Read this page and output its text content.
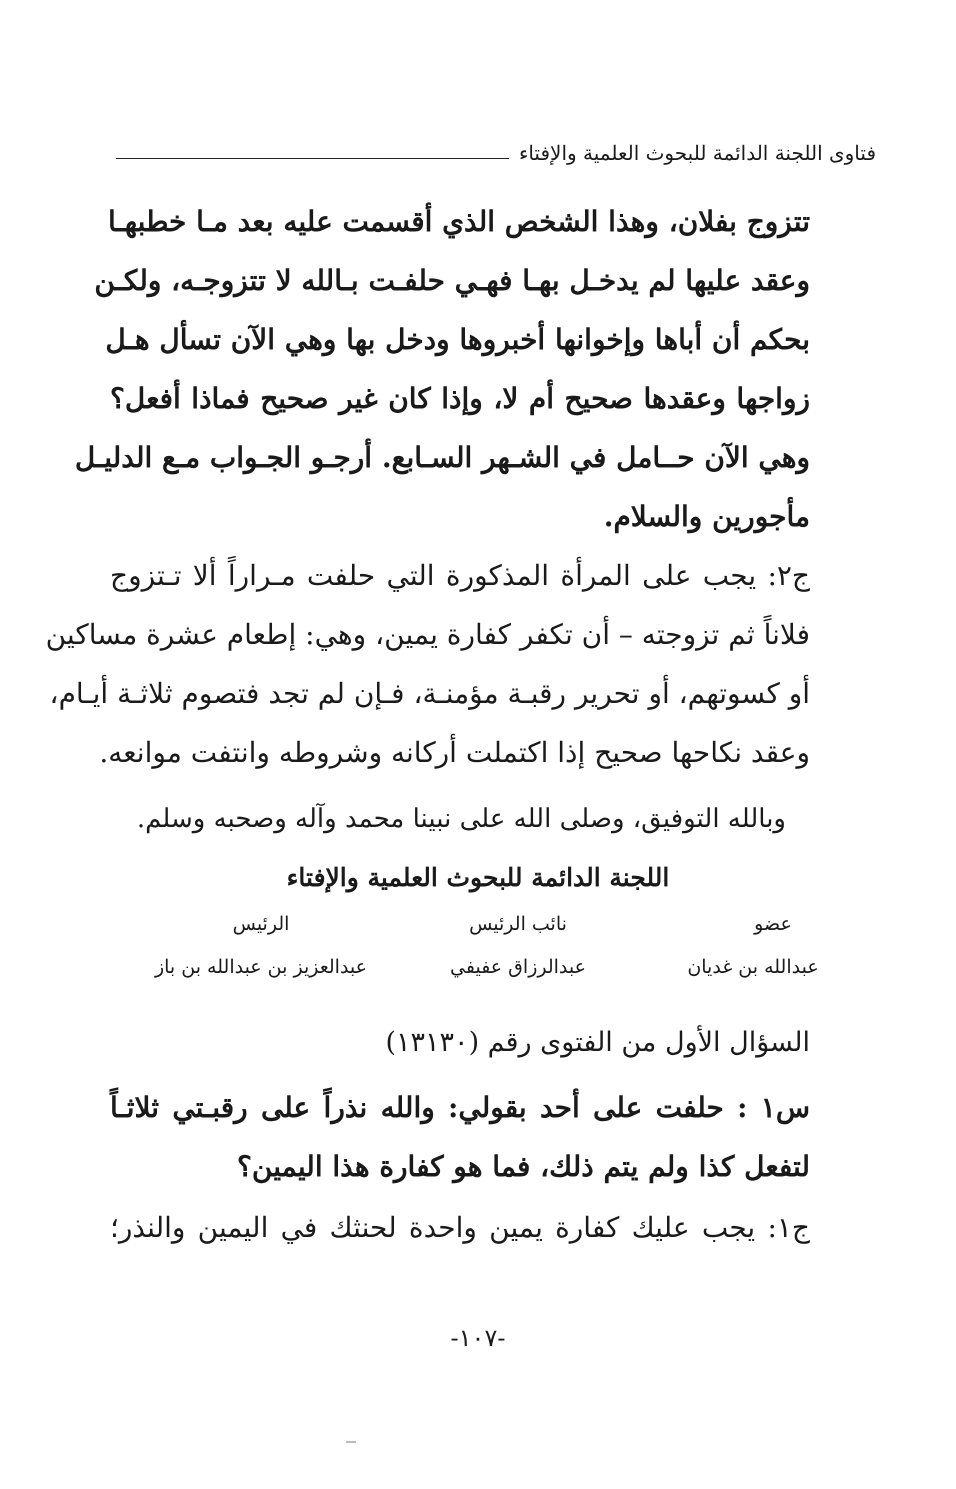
فتاوى اللجنة الدائمة للبحوث العلمية والإفتاء
تتزوج بفلان، وهذا الشخص الذي أقسمت عليه بعد مـا خطبهـا
وعقد عليها لم يدخـل بهـا فهـي حلفـت بـالله لا تتزوجـه، ولكـن
بحكم أن أباها وإخوانها أخبروها ودخل بها وهي الآن تسأل هـل
زواجها وعقدها صحيح أم لا، وإذا كان غير صحيح فماذا أفعل؟
وهي الآن حــامل في الشـهر السـابع. أرجـو الجـواب مـع الدليـل
مأجورين والسلام.
ج٢: يجب على المرأة المذكورة التي حلفت مـراراً ألا تـتزوج
فلاناً ثم تزوجته – أن تكفر كفارة يمين، وهي: إطعام عشرة مساكين
أو كسوتهم، أو تحرير رقبـة مؤمنـة، فـإن لم تجد فتصوم ثلاثـة أيـام،
وعقد نكاحها صحيح إذا اكتملت أركانه وشروطه وانتفت موانعه.
وبالله التوفيق، وصلى الله على نبينا محمد وآله وصحبه وسلم.
اللجنة الدائمة للبحوث العلمية والإفتاء
عضو
نائب الرئيس
الرئيس
عبدالله بن غديان
عبدالرزاق عفيفي
عبدالعزيز بن عبدالله بن باز
السؤال الأول من الفتوى رقم (١٣١٣٠)
س١ : حلفت على أحد بقولي: والله نذراً على رقبـتي ثلاثـاً
لتفعل كذا ولم يتم ذلك، فما هو كفارة هذا اليمين؟
ج١: يجب عليك كفارة يمين واحدة لحنثك في اليمين والنذر؛
-١٠٧-
